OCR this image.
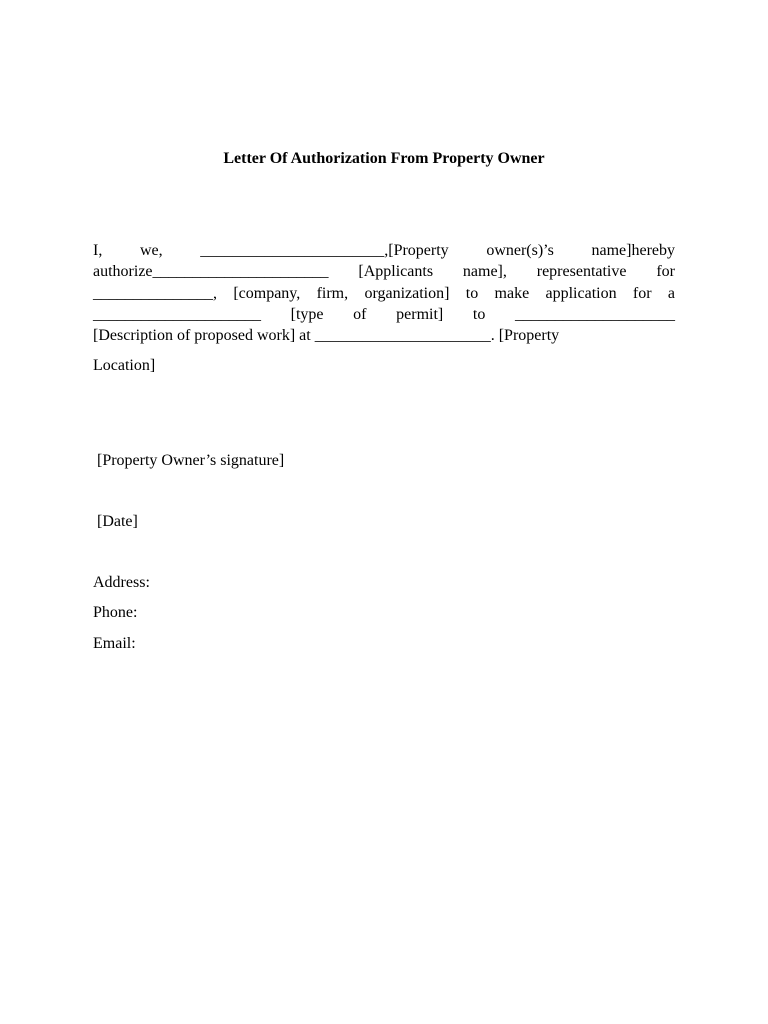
Letter Of Authorization From Property Owner

I, we, _______________________,[Property owner(s)’s name]hereby
authorize______________________ [Applicants name], representative for
_______________, [company, firm, organization] to make application for a
_____________________ [type of permit] to ____________________
[Description of proposed work] at ______________________. [Property

Location]

[Property Owner’s signature]

[Date]

Address:

Phone:

Email:
